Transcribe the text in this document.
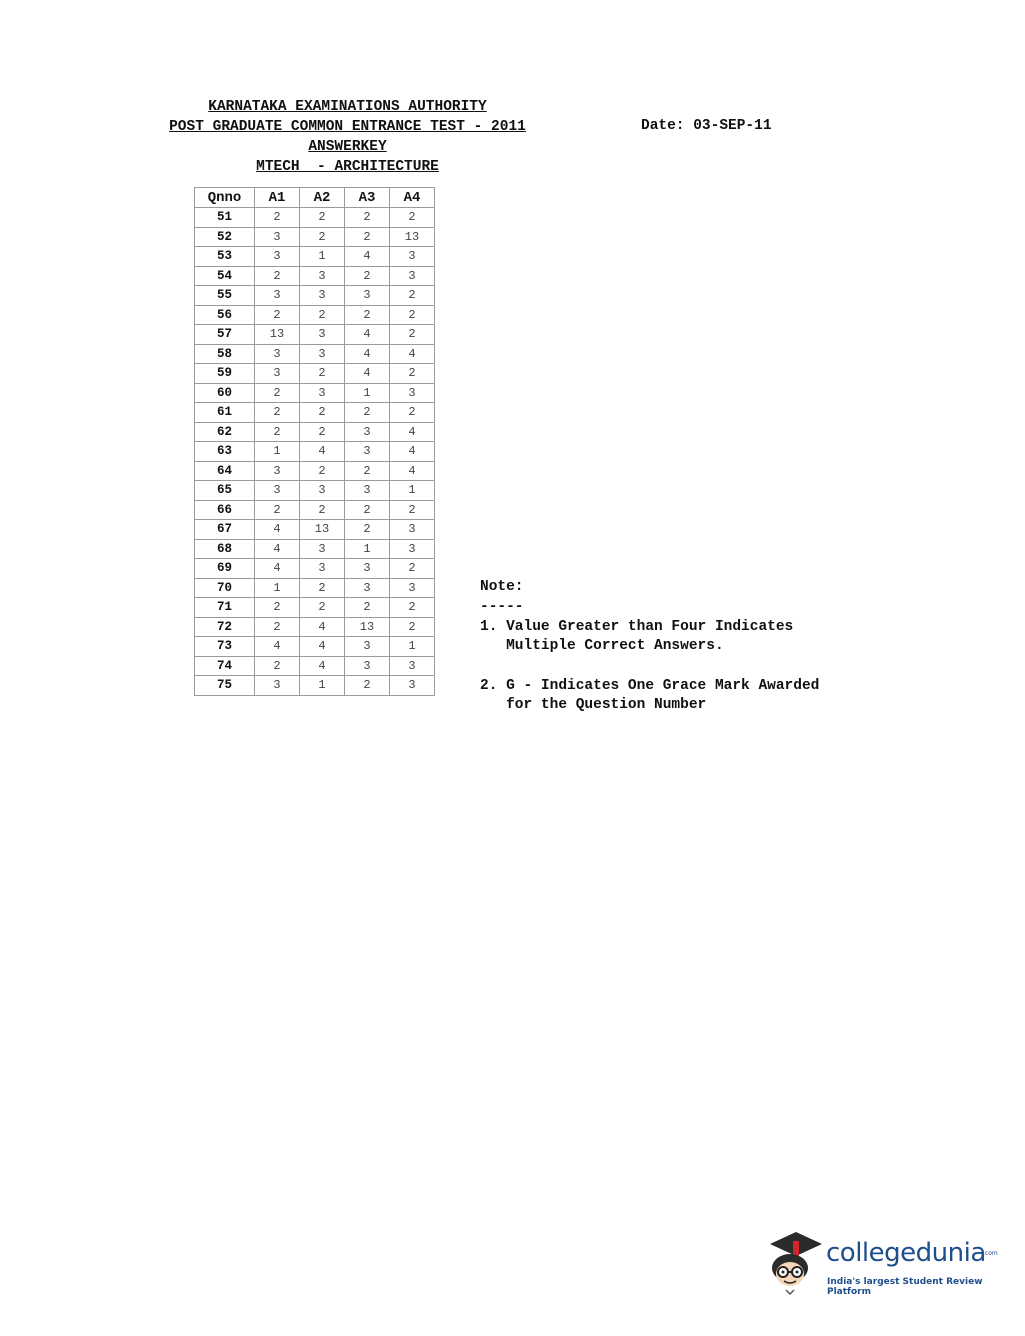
KARNATAKA EXAMINATIONS AUTHORITY
POST GRADUATE COMMON ENTRANCE TEST - 2011
ANSWERKEY
MTECH  - ARCHITECTURE
Date: 03-SEP-11
Qnno	A1	A2	A3	A4
51	2	2	2	2
52	3	2	2	13
53	3	1	4	3
54	2	3	2	3
55	3	3	3	2
56	2	2	2	2
57	13	3	4	2
58	3	3	4	4
59	3	2	4	2
60	2	3	1	3
61	2	2	2	2
62	2	2	3	4
63	1	4	3	4
64	3	2	2	4
65	3	3	3	1
66	2	2	2	2
67	4	13	2	3
68	4	3	1	3
69	4	3	3	2
70	1	2	3	3
71	2	2	2	2
72	2	4	13	2
73	4	4	3	1
74	2	4	3	3
75	3	1	2	3
Note:
-----
1. Value Greater than Four Indicates
Multiple Correct Answers.
2. G - Indicates One Grace Mark Awarded
for the Question Number
collegedunia
.com
India's largest Student Review Platform
